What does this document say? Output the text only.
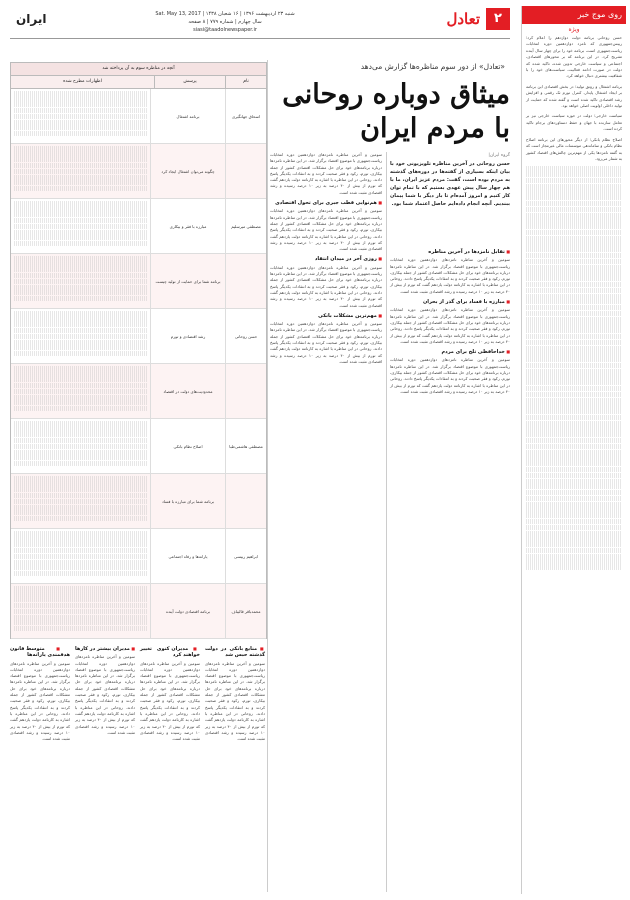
۲
تعادل
شنبه ۲۳ اردیبهشت ۱۳۹۶ | ۱۶ شعبان ۱۴۳۸ | Sat. May 13, 2017
سال چهارم | شماره ۷۷۹ | ۸ صفحه
siasi@taadolnewspaper.ir
ایران	روی موج خبر
ویژه

حسن روحانی برنامه دولت دوازدهم را اعلام کرد؛ رییس‌جمهوری که نامزد دوازدهمین دوره انتخابات ریاست‌جمهوری است، برنامه خود را برای چهار سال آینده تشریح کرد. در این برنامه که بر محورهای اقتصادی، اجتماعی و سیاست خارجی تدوین شده، تاکید شده که دولت در صورت ادامه فعالیت، سیاست‌های خود را با شفافیت بیشتری دنبال خواهد کرد.

برنامه اشتغال و رونق تولید؛ در بخش اقتصادی این برنامه بر ایجاد اشتغال پایدار، کنترل تورم تک رقمی و افزایش رشد اقتصادی تاکید شده است و گفته شده که حمایت از تولید داخلی اولویت اصلی خواهد بود.

سیاست خارجی؛ دولت در حوزه سیاست خارجی نیز بر تعامل سازنده با جهان و حفظ دستاوردهای برجام تاکید کرده است.

اصلاح نظام بانکی؛ از دیگر محورهای این برنامه اصلاح نظام بانکی و ساماندهی موسسات مالی غیرمجاز است که به گفته نامزدها یکی از مهم‌ترین چالش‌های اقتصاد کشور به شمار می‌رود.

«تعادل» از دور سوم مناظره‌ها گزارش می‌دهد
میثاق دوباره روحانی
با مردم ایران
گروه ایران|
حسن روحانی در آخرین مناظره تلویزیونی خود با بیان اینکه بسیاری از گفته‌ها در دوره‌های گذشته به مردم بوده است، گفت: مردم عزیز ایران، ما با هم چهار سال پیش عهدی بستیم که با تمام توان کار کنیم و امروز آمده‌ام تا بار دیگر با شما پیمان ببندیم. آنچه انجام داده‌ایم حاصل اعتماد شما بود.
■ تقابل نامزدها در آخرین مناظره
سومین و آخرین مناظره نامزدهای دوازدهمین دوره انتخابات ریاست‌جمهوری با موضوع اقتصاد برگزار شد. در این مناظره نامزدها درباره برنامه‌های خود برای حل مشکلات اقتصادی کشور از جمله بیکاری، تورم، رکود و فقر صحبت کردند و به انتقادات یکدیگر پاسخ دادند. روحانی در این مناظره با اشاره به کارنامه دولت یازدهم گفت که تورم از بیش از ۴۰ درصد به زیر ۱۰ درصد رسیده و رشد اقتصادی مثبت شده است.
■ مبارزه با فساد برای گذر از بحران
سومین و آخرین مناظره نامزدهای دوازدهمین دوره انتخابات ریاست‌جمهوری با موضوع اقتصاد برگزار شد. در این مناظره نامزدها درباره برنامه‌های خود برای حل مشکلات اقتصادی کشور از جمله بیکاری، تورم، رکود و فقر صحبت کردند و به انتقادات یکدیگر پاسخ دادند. روحانی در این مناظره با اشاره به کارنامه دولت یازدهم گفت که تورم از بیش از ۴۰ درصد به زیر ۱۰ درصد رسیده و رشد اقتصادی مثبت شده است.
■ خداحافظی تلخ برای مردم
سومین و آخرین مناظره نامزدهای دوازدهمین دوره انتخابات ریاست‌جمهوری با موضوع اقتصاد برگزار شد. در این مناظره نامزدها درباره برنامه‌های خود برای حل مشکلات اقتصادی کشور از جمله بیکاری، تورم، رکود و فقر صحبت کردند و به انتقادات یکدیگر پاسخ دادند. روحانی در این مناظره با اشاره به کارنامه دولت یازدهم گفت که تورم از بیش از ۴۰ درصد به زیر ۱۰ درصد رسیده و رشد اقتصادی مثبت شده است.
سومین و آخرین مناظره نامزدهای دوازدهمین دوره انتخابات ریاست‌جمهوری با موضوع اقتصاد برگزار شد. در این مناظره نامزدها درباره برنامه‌های خود برای حل مشکلات اقتصادی کشور از جمله بیکاری، تورم، رکود و فقر صحبت کردند و به انتقادات یکدیگر پاسخ دادند. روحانی در این مناظره با اشاره به کارنامه دولت یازدهم گفت که تورم از بیش از ۴۰ درصد به زیر ۱۰ درصد رسیده و رشد اقتصادی مثبت شده است.
■ هم‌نوایی قطب جبری برای تحول اقتصادی
سومین و آخرین مناظره نامزدهای دوازدهمین دوره انتخابات ریاست‌جمهوری با موضوع اقتصاد برگزار شد. در این مناظره نامزدها درباره برنامه‌های خود برای حل مشکلات اقتصادی کشور از جمله بیکاری، تورم، رکود و فقر صحبت کردند و به انتقادات یکدیگر پاسخ دادند. روحانی در این مناظره با اشاره به کارنامه دولت یازدهم گفت که تورم از بیش از ۴۰ درصد به زیر ۱۰ درصد رسیده و رشد اقتصادی مثبت شده است.
■ روزی آخر در میدان انتقاد
سومین و آخرین مناظره نامزدهای دوازدهمین دوره انتخابات ریاست‌جمهوری با موضوع اقتصاد برگزار شد. در این مناظره نامزدها درباره برنامه‌های خود برای حل مشکلات اقتصادی کشور از جمله بیکاری، تورم، رکود و فقر صحبت کردند و به انتقادات یکدیگر پاسخ دادند. روحانی در این مناظره با اشاره به کارنامه دولت یازدهم گفت که تورم از بیش از ۴۰ درصد به زیر ۱۰ درصد رسیده و رشد اقتصادی مثبت شده است.
■ مهم‌ترین مشکلات بانکی
سومین و آخرین مناظره نامزدهای دوازدهمین دوره انتخابات ریاست‌جمهوری با موضوع اقتصاد برگزار شد. در این مناظره نامزدها درباره برنامه‌های خود برای حل مشکلات اقتصادی کشور از جمله بیکاری، تورم، رکود و فقر صحبت کردند و به انتقادات یکدیگر پاسخ دادند. روحانی در این مناظره با اشاره به کارنامه دولت یازدهم گفت که تورم از بیش از ۴۰ درصد به زیر ۱۰ درصد رسیده و رشد اقتصادی مثبت شده است.
آنچه در مناظره سوم به آن پرداخته شد
نام
پرسش
اظهارات مطرح شده
اسحاق جهانگیری
برنامه اشتغال
چگونه می‌توان اشتغال ایجاد کرد
مصطفی میرسلیم
مبارزه با فقر و بیکاری
برنامه شما برای حمایت از تولید چیست
حسن روحانی
رشد اقتصادی و تورم
محدودیت‌های دولت در اقتصاد
مصطفی هاشمی‌طبا
اصلاح نظام بانکی
برنامه شما برای مبارزه با فساد
ابراهیم رییسی
یارانه‌ها و رفاه اجتماعی
محمدباقر قالیباف
برنامه اقتصادی دولت آینده
■ متوسط قانون هدفمندی یارانه‌ها
سومین و آخرین مناظره نامزدهای دوازدهمین دوره انتخابات ریاست‌جمهوری با موضوع اقتصاد برگزار شد. در این مناظره نامزدها درباره برنامه‌های خود برای حل مشکلات اقتصادی کشور از جمله بیکاری، تورم، رکود و فقر صحبت کردند و به انتقادات یکدیگر پاسخ دادند. روحانی در این مناظره با اشاره به کارنامه دولت یازدهم گفت که تورم از بیش از ۴۰ درصد به زیر ۱۰ درصد رسیده و رشد اقتصادی مثبت شده است.
■ مدیران بیشتر در کارها
سومین و آخرین مناظره نامزدهای دوازدهمین دوره انتخابات ریاست‌جمهوری با موضوع اقتصاد برگزار شد. در این مناظره نامزدها درباره برنامه‌های خود برای حل مشکلات اقتصادی کشور از جمله بیکاری، تورم، رکود و فقر صحبت کردند و به انتقادات یکدیگر پاسخ دادند. روحانی در این مناظره با اشاره به کارنامه دولت یازدهم گفت که تورم از بیش از ۴۰ درصد به زیر ۱۰ درصد رسیده و رشد اقتصادی مثبت شده است.
■ مدیران کنوی تغییر خواهند کرد
سومین و آخرین مناظره نامزدهای دوازدهمین دوره انتخابات ریاست‌جمهوری با موضوع اقتصاد برگزار شد. در این مناظره نامزدها درباره برنامه‌های خود برای حل مشکلات اقتصادی کشور از جمله بیکاری، تورم، رکود و فقر صحبت کردند و به انتقادات یکدیگر پاسخ دادند. روحانی در این مناظره با اشاره به کارنامه دولت یازدهم گفت که تورم از بیش از ۴۰ درصد به زیر ۱۰ درصد رسیده و رشد اقتصادی مثبت شده است.
■ منابع بانکی در دولت گذشته حبس شد
سومین و آخرین مناظره نامزدهای دوازدهمین دوره انتخابات ریاست‌جمهوری با موضوع اقتصاد برگزار شد. در این مناظره نامزدها درباره برنامه‌های خود برای حل مشکلات اقتصادی کشور از جمله بیکاری، تورم، رکود و فقر صحبت کردند و به انتقادات یکدیگر پاسخ دادند. روحانی در این مناظره با اشاره به کارنامه دولت یازدهم گفت که تورم از بیش از ۴۰ درصد به زیر ۱۰ درصد رسیده و رشد اقتصادی مثبت شده است.
